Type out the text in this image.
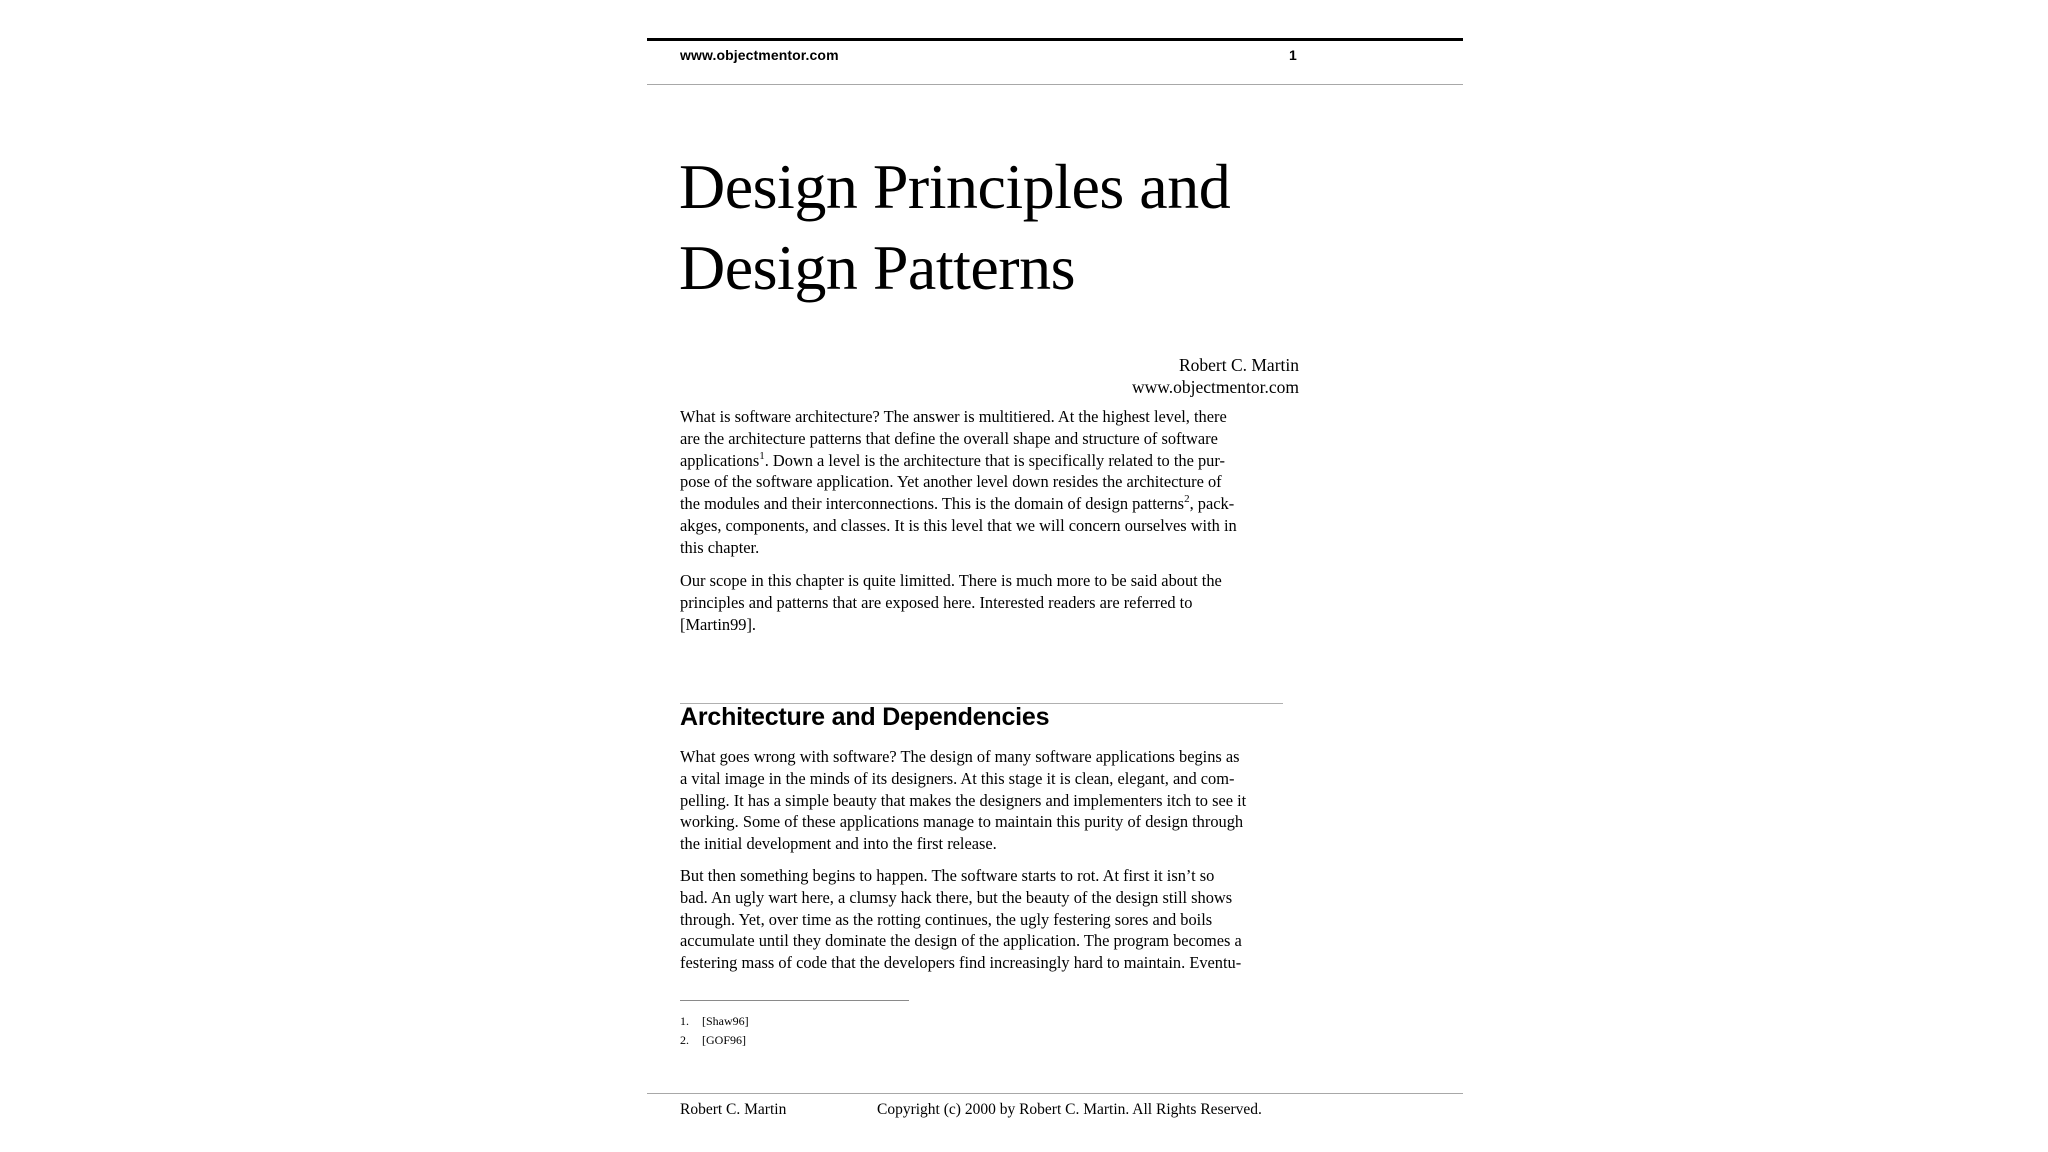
www.objectmentor.com	1
Design Principles and
Design Patterns
Robert C. Martin
www.objectmentor.com

What is software architecture? The answer is multitiered. At the highest level, there
are the architecture patterns that define the overall shape and structure of software
applications$^1$. Down a level is the architecture that is specifically related to the pur-
pose of the software application. Yet another level down resides the architecture of
the modules and their interconnections. This is the domain of design patterns$^2$, pack-
akges, components, and classes. It is this level that we will concern ourselves with in
this chapter.

Our scope in this chapter is quite limitted. There is much more to be said about the
principles and patterns that are exposed here. Interested readers are referred to
[Martin99].

Architecture and Dependencies

What goes wrong with software? The design of many software applications begins as
a vital image in the minds of its designers. At this stage it is clean, elegant, and com-
pelling. It has a simple beauty that makes the designers and implementers itch to see it
working. Some of these applications manage to maintain this purity of design through
the initial development and into the first release.

But then something begins to happen. The software starts to rot. At first it isn’t so
bad. An ugly wart here, a clumsy hack there, but the beauty of the design still shows
through. Yet, over time as the rotting continues, the ugly festering sores and boils
accumulate until they dominate the design of the application. The program becomes a
festering mass of code that the developers find increasingly hard to maintain. Eventu-

1. [Shaw96]
2. [GOF96]
Robert C. Martin	Copyright (c) 2000 by Robert C. Martin. All Rights Reserved.
